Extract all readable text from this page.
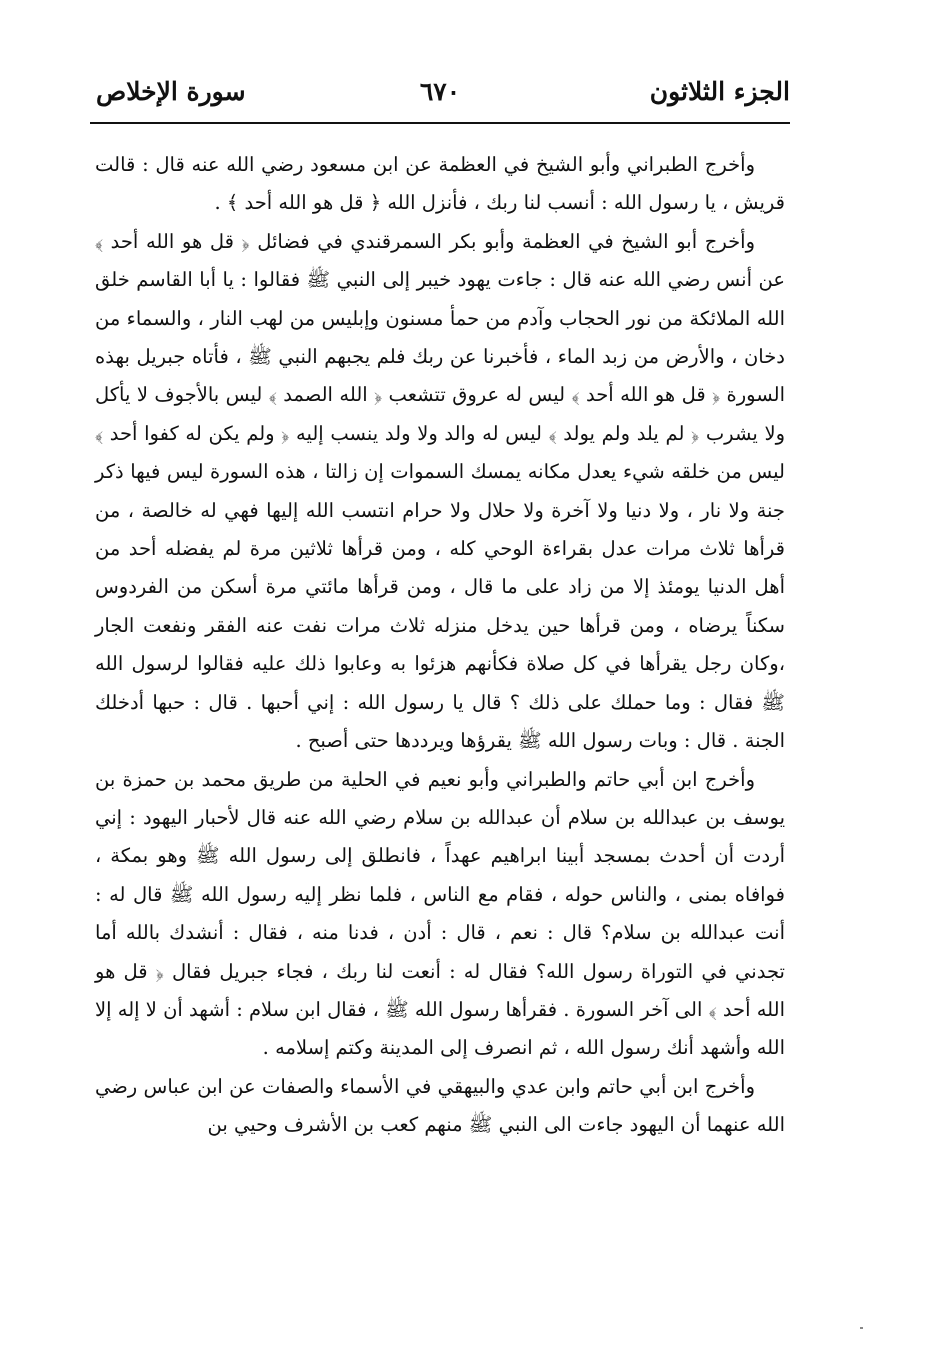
الجزء الثلاثون
٦٧٠
سورة الإخلاص

وأخرج الطبراني وأبو الشيخ في العظمة عن ابن مسعود رضي الله عنه قال : قالت قريش ، يا رسول الله : أنسب لنا ربك ، فأنزل الله ﴿ قل هو الله أحد ﴾ .

وأخرج أبو الشيخ في العظمة وأبو بكر السمرقندي في فضائل ﴿ قل هو الله أحد ﴾ عن أنس رضي الله عنه قال : جاءت يهود خيبر إلى النبي ﷺ فقالوا : يا أبا القاسم خلق الله الملائكة من نور الحجاب وآدم من حمأ مسنون وإبليس من لهب النار ، والسماء من دخان ، والأرض من زبد الماء ، فأخبرنا عن ربك فلم يجبهم النبي ﷺ ، فأتاه جبريل بهذه السورة ﴿ قل هو الله أحد ﴾ ليس له عروق تتشعب ﴿ الله الصمد ﴾ ليس بالأجوف لا يأكل ولا يشرب ﴿ لم يلد ولم يولد ﴾ ليس له والد ولا ولد ينسب إليه ﴿ ولم يكن له كفوا أحد ﴾ ليس من خلقه شيء يعدل مكانه يمسك السموات إن زالتا ، هذه السورة ليس فيها ذكر جنة ولا نار ، ولا دنيا ولا آخرة ولا حلال ولا حرام انتسب الله إليها فهي له خالصة ، من قرأها ثلاث مرات عدل بقراءة الوحي كله ، ومن قرأها ثلاثين مرة لم يفضله أحد من أهل الدنيا يومئذ إلا من زاد على ما قال ، ومن قرأها مائتي مرة أسكن من الفردوس سكناً يرضاه ، ومن قرأها حين يدخل منزله ثلاث مرات نفت عنه الفقر ونفعت الجار ،وكان رجل يقرأها في كل صلاة فكأنهم هزئوا به وعابوا ذلك عليه فقالوا لرسول الله ﷺ فقال : وما حملك على ذلك ؟ قال يا رسول الله : إني أحبها . قال : حبها أدخلك الجنة . قال : وبات رسول الله ﷺ يقرؤها ويرددها حتى أصبح .

وأخرج ابن أبي حاتم والطبراني وأبو نعيم في الحلية من طريق محمد بن حمزة بن يوسف بن عبدالله بن سلام أن عبدالله بن سلام رضي الله عنه قال لأحبار اليهود : إني أردت أن أحدث بمسجد أبينا ابراهيم عهداً ، فانطلق إلى رسول الله ﷺ وهو بمكة ، فوافاه بمنى ، والناس حوله ، فقام مع الناس ، فلما نظر إليه رسول الله ﷺ قال له : أنت عبدالله بن سلام؟ قال : نعم ، قال : أدن ، فدنا منه ، فقال : أنشدك بالله أما تجدني في التوراة رسول الله؟ فقال له : أنعت لنا ربك ، فجاء جبريل فقال ﴿ قل هو الله أحد ﴾ الى آخر السورة . فقرأها رسول الله ﷺ ، فقال ابن سلام : أشهد أن لا إله إلا الله وأشهد أنك رسول الله ، ثم انصرف إلى المدينة وكتم إسلامه .

وأخرج ابن أبي حاتم وابن عدي والبيهقي في الأسماء والصفات عن ابن عباس رضي الله عنهما أن اليهود جاءت الى النبي ﷺ منهم كعب بن الأشرف وحيي بن
